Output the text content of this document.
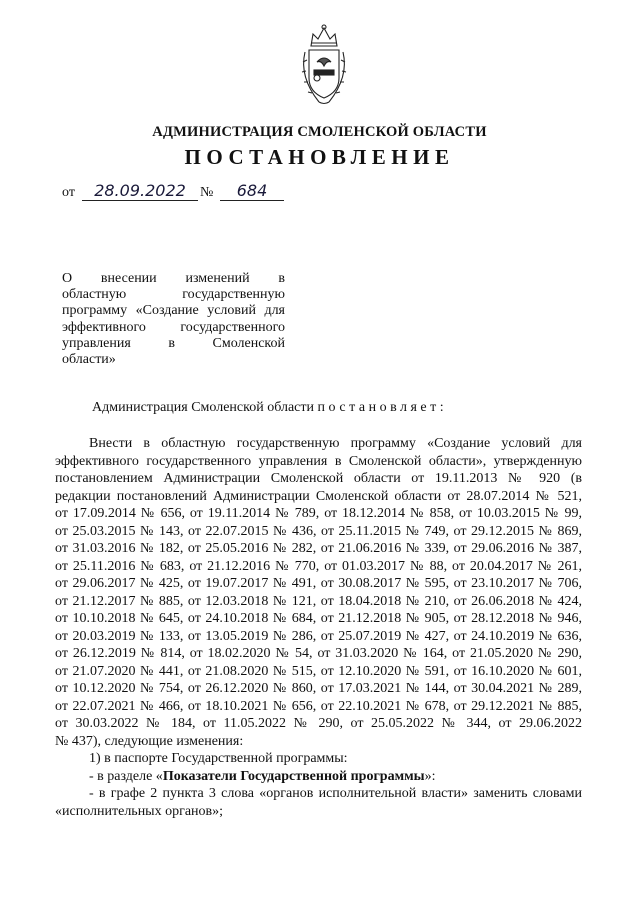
АДМИНИСТРАЦИЯ СМОЛЕНСКОЙ ОБЛАСТИ
ПОСТАНОВЛЕНИЕ
от	28.09.2022	№	684
О внесении изменений в
областную государственную
программу «Создание условий для
эффективного государственного
управления в Смоленской
области»
Администрация Смоленской области постановляет:
Внести в областную государственную программу «Создание условий для
эффективного государственного управления в Смоленской области», утвержденную
постановлением Администрации Смоленской области от 19.11.2013 № 920 (в
редакции постановлений Администрации Смоленской области от 28.07.2014 № 521,
от 17.09.2014 № 656, от 19.11.2014 № 789, от 18.12.2014 № 858, от 10.03.2015 № 99,
от 25.03.2015 № 143, от 22.07.2015 № 436, от 25.11.2015 № 749, от 29.12.2015 № 869,
от 31.03.2016 № 182, от 25.05.2016 № 282, от 21.06.2016 № 339, от 29.06.2016 № 387,
от 25.11.2016 № 683, от 21.12.2016 № 770, от 01.03.2017 № 88, от 20.04.2017 № 261,
от 29.06.2017 № 425, от 19.07.2017 № 491, от 30.08.2017 № 595, от 23.10.2017 № 706,
от 21.12.2017 № 885, от 12.03.2018 № 121, от 18.04.2018 № 210, от 26.06.2018 № 424,
от 10.10.2018 № 645, от 24.10.2018 № 684, от 21.12.2018 № 905, от 28.12.2018 № 946,
от 20.03.2019 № 133, от 13.05.2019 № 286, от 25.07.2019 № 427, от 24.10.2019 № 636,
от 26.12.2019 № 814, от 18.02.2020 № 54, от 31.03.2020 № 164, от 21.05.2020 № 290,
от 21.07.2020 № 441, от 21.08.2020 № 515, от 12.10.2020 № 591, от 16.10.2020 № 601,
от 10.12.2020 № 754, от 26.12.2020 № 860, от 17.03.2021 № 144, от 30.04.2021 № 289,
от 22.07.2021 № 466, от 18.10.2021 № 656, от 22.10.2021 № 678, от 29.12.2021 № 885,
от 30.03.2022 № 184, от 11.05.2022 № 290, от 25.05.2022 № 344, от 29.06.2022
№ 437), следующие изменения:
1) в паспорте Государственной программы:
- в разделе «Показатели Государственной программы»:
- в графе 2 пункта 3 слова «органов исполнительной власти» заменить словами
«исполнительных органов»;
